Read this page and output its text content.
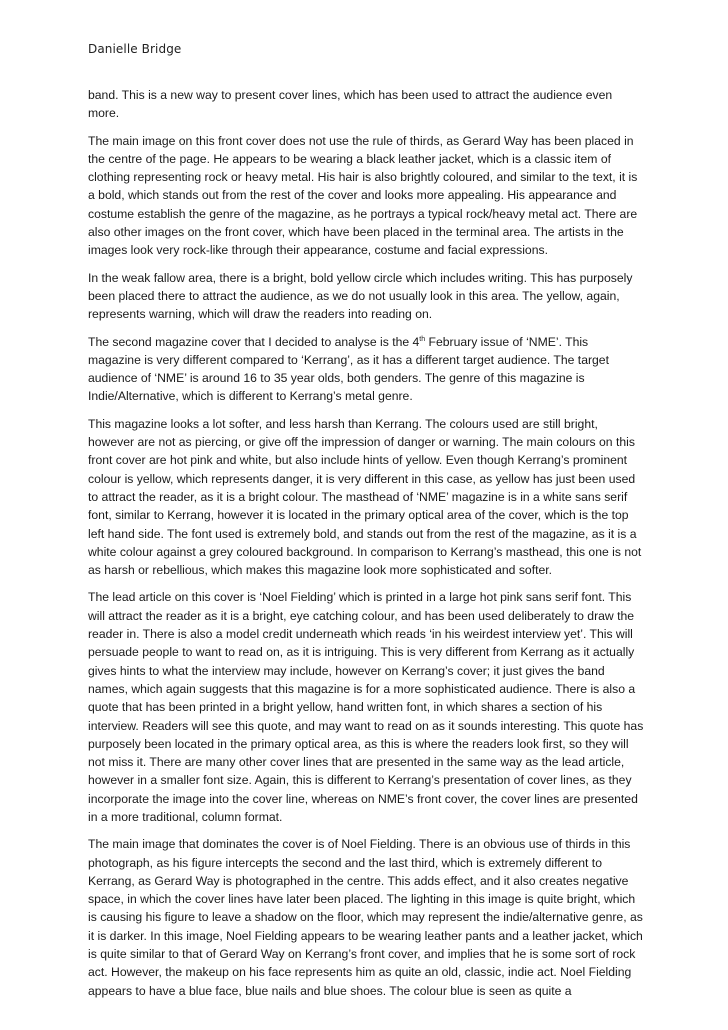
Danielle Bridge

band. This is a new way to present cover lines, which has been used to attract the audience even more.

The main image on this front cover does not use the rule of thirds, as Gerard Way has been placed in the centre of the page. He appears to be wearing a black leather jacket, which is a classic item of clothing representing rock or heavy metal. His hair is also brightly coloured, and similar to the text, it is a bold, which stands out from the rest of the cover and looks more appealing. His appearance and costume establish the genre of the magazine, as he portrays a typical rock/heavy metal act. There are also other images on the front cover, which have been placed in the terminal area. The artists in the images look very rock-like through their appearance, costume and facial expressions.

In the weak fallow area, there is a bright, bold yellow circle which includes writing. This has purposely been placed there to attract the audience, as we do not usually look in this area. The yellow, again, represents warning, which will draw the readers into reading on.

The second magazine cover that I decided to analyse is the 4th February issue of ‘NME’. This magazine is very different compared to ‘Kerrang’, as it has a different target audience. The target audience of ‘NME’ is around 16 to 35 year olds, both genders. The genre of this magazine is Indie/Alternative, which is different to Kerrang’s metal genre.

This magazine looks a lot softer, and less harsh than Kerrang. The colours used are still bright, however are not as piercing, or give off the impression of danger or warning. The main colours on this front cover are hot pink and white, but also include hints of yellow. Even though Kerrang’s prominent colour is yellow, which represents danger, it is very different in this case, as yellow has just been used to attract the reader, as it is a bright colour. The masthead of ‘NME’ magazine is in a white sans serif font, similar to Kerrang, however it is located in the primary optical area of the cover, which is the top left hand side. The font used is extremely bold, and stands out from the rest of the magazine, as it is a white colour against a grey coloured background. In comparison to Kerrang’s masthead, this one is not as harsh or rebellious, which makes this magazine look more sophisticated and softer.

The lead article on this cover is ‘Noel Fielding’ which is printed in a large hot pink sans serif font. This will attract the reader as it is a bright, eye catching colour, and has been used deliberately to draw the reader in. There is also a model credit underneath which reads ‘in his weirdest interview yet’. This will persuade people to want to read on, as it is intriguing. This is very different from Kerrang as it actually gives hints to what the interview may include, however on Kerrang’s cover; it just gives the band names, which again suggests that this magazine is for a more sophisticated audience. There is also a quote that has been printed in a bright yellow, hand written font, in which shares a section of his interview. Readers will see this quote, and may want to read on as it sounds interesting. This quote has purposely been located in the primary optical area, as this is where the readers look first, so they will not miss it. There are many other cover lines that are presented in the same way as the lead article, however in a smaller font size. Again, this is different to Kerrang’s presentation of cover lines, as they incorporate the image into the cover line, whereas on NME’s front cover, the cover lines are presented in a more traditional, column format.

The main image that dominates the cover is of Noel Fielding. There is an obvious use of thirds in this photograph, as his figure intercepts the second and the last third, which is extremely different to Kerrang, as Gerard Way is photographed in the centre. This adds effect, and it also creates negative space, in which the cover lines have later been placed. The lighting in this image is quite bright, which is causing his figure to leave a shadow on the floor, which may represent the indie/alternative genre, as it is darker. In this image, Noel Fielding appears to be wearing leather pants and a leather jacket, which is quite similar to that of Gerard Way on Kerrang’s front cover, and implies that he is some sort of rock act. However, the makeup on his face represents him as quite an old, classic, indie act. Noel Fielding appears to have a blue face, blue nails and blue shoes. The colour blue is seen as quite a
